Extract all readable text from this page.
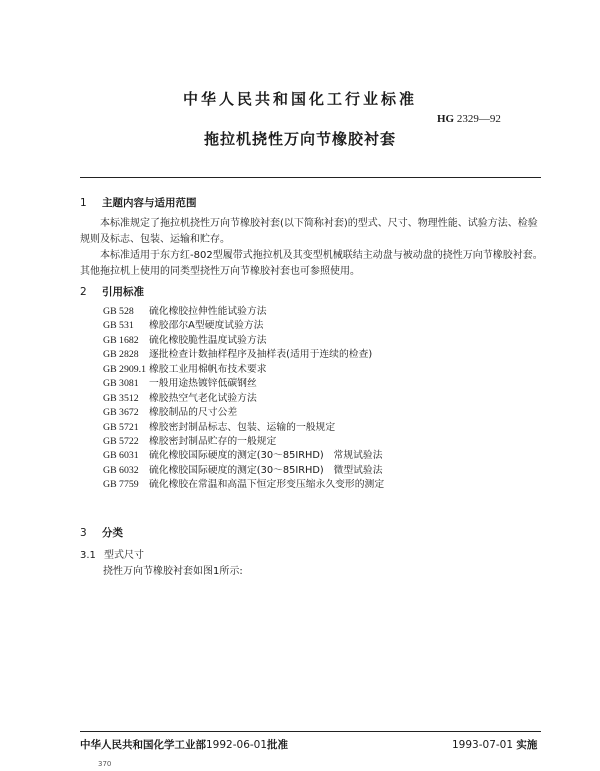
中华人民共和国化工行业标准
HG 2329—92
拖拉机挠性万向节橡胶衬套
1 主题内容与适用范围
本标准规定了拖拉机挠性万向节橡胶衬套(以下简称衬套)的型式、尺寸、物理性能、试验方法、检验规则及标志、包装、运输和贮存。
本标准适用于东方红-802型履带式拖拉机及其变型机械联结主动盘与被动盘的挠性万向节橡胶衬套。其他拖拉机上使用的同类型挠性万向节橡胶衬套也可参照使用。
2 引用标准
GB 528 硫化橡胶拉伸性能试验方法
GB 531 橡胶邵尔A型硬度试验方法
GB 1682 硫化橡胶脆性温度试验方法
GB 2828 逐批检查计数抽样程序及抽样表(适用于连续的检查)
GB 2909.1 橡胶工业用棉帆布技术要求
GB 3081 一般用途热镀锌低碳钢丝
GB 3512 橡胶热空气老化试验方法
GB 3672 橡胶制品的尺寸公差
GB 5721 橡胶密封制品标志、包装、运输的一般规定
GB 5722 橡胶密封制品贮存的一般规定
GB 6031 硫化橡胶国际硬度的测定(30～85IRHD)　常规试验法
GB 6032 硫化橡胶国际硬度的测定(30～85IRHD)　微型试验法
GB 7759 硫化橡胶在常温和高温下恒定形变压缩永久变形的测定
3 分类
3.1 型式尺寸
挠性万向节橡胶衬套如图1所示:
中华人民共和国化学工业部1992-06-01批准	1993-07-01 实施
370
